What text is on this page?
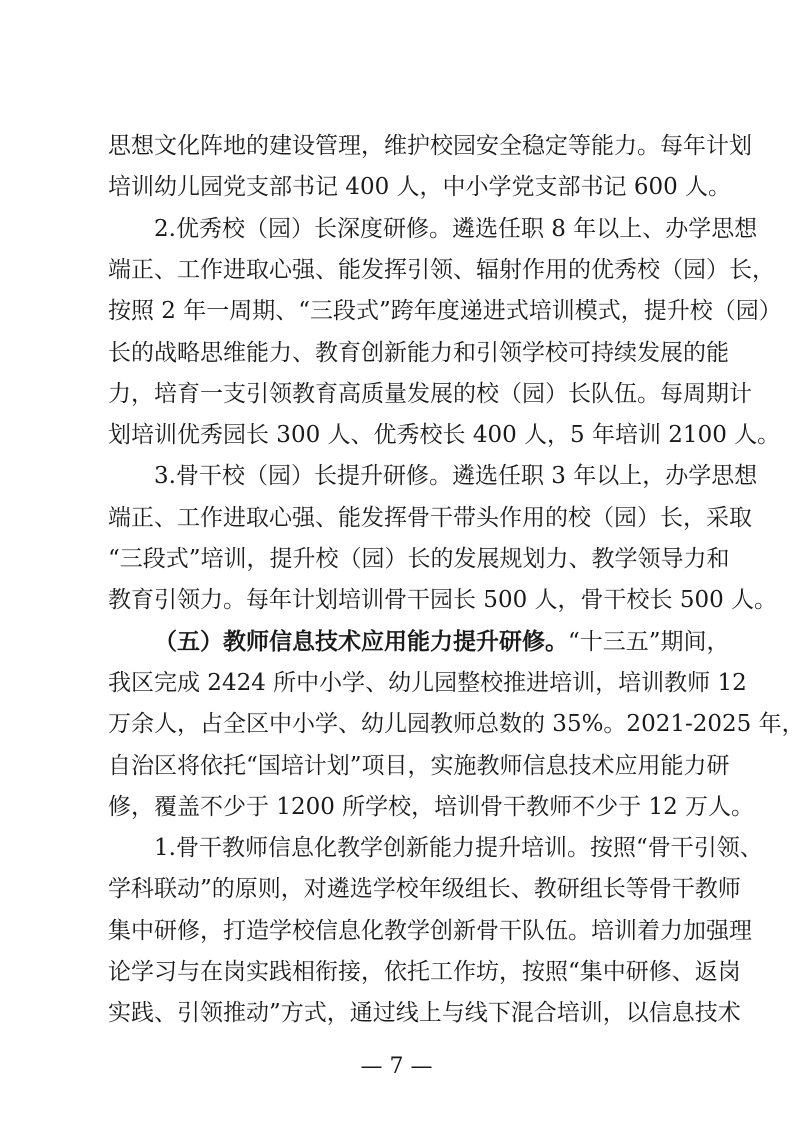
思想文化阵地的建设管理，维护校园安全稳定等能力。每年计划
培训幼儿园党支部书记 400 人，中小学党支部书记 600 人。
2.优秀校（园）长深度研修。遴选任职 8 年以上、办学思想
端正、工作进取心强、能发挥引领、辐射作用的优秀校（园）长，
按照 2 年一周期、“三段式”跨年度递进式培训模式，提升校（园）
长的战略思维能力、教育创新能力和引领学校可持续发展的能
力，培育一支引领教育高质量发展的校（园）长队伍。每周期计
划培训优秀园长 300 人、优秀校长 400 人，5 年培训 2100 人。
3.骨干校（园）长提升研修。遴选任职 3 年以上，办学思想
端正、工作进取心强、能发挥骨干带头作用的校（园）长，采取
“三段式”培训，提升校（园）长的发展规划力、教学领导力和
教育引领力。每年计划培训骨干园长 500 人，骨干校长 500 人。
（五）教师信息技术应用能力提升研修。“十三五”期间，
我区完成 2424 所中小学、幼儿园整校推进培训，培训教师 12
万余人，占全区中小学、幼儿园教师总数的 35%。2021-2025 年，
自治区将依托“国培计划”项目，实施教师信息技术应用能力研
修，覆盖不少于 1200 所学校，培训骨干教师不少于 12 万人。
1.骨干教师信息化教学创新能力提升培训。按照“骨干引领、
学科联动”的原则，对遴选学校年级组长、教研组长等骨干教师
集中研修，打造学校信息化教学创新骨干队伍。培训着力加强理
— 7 —
论学习与在岗实践相衔接，依托工作坊，按照“集中研修、返岗
实践、引领推动”方式，通过线上与线下混合培训，以信息技术
